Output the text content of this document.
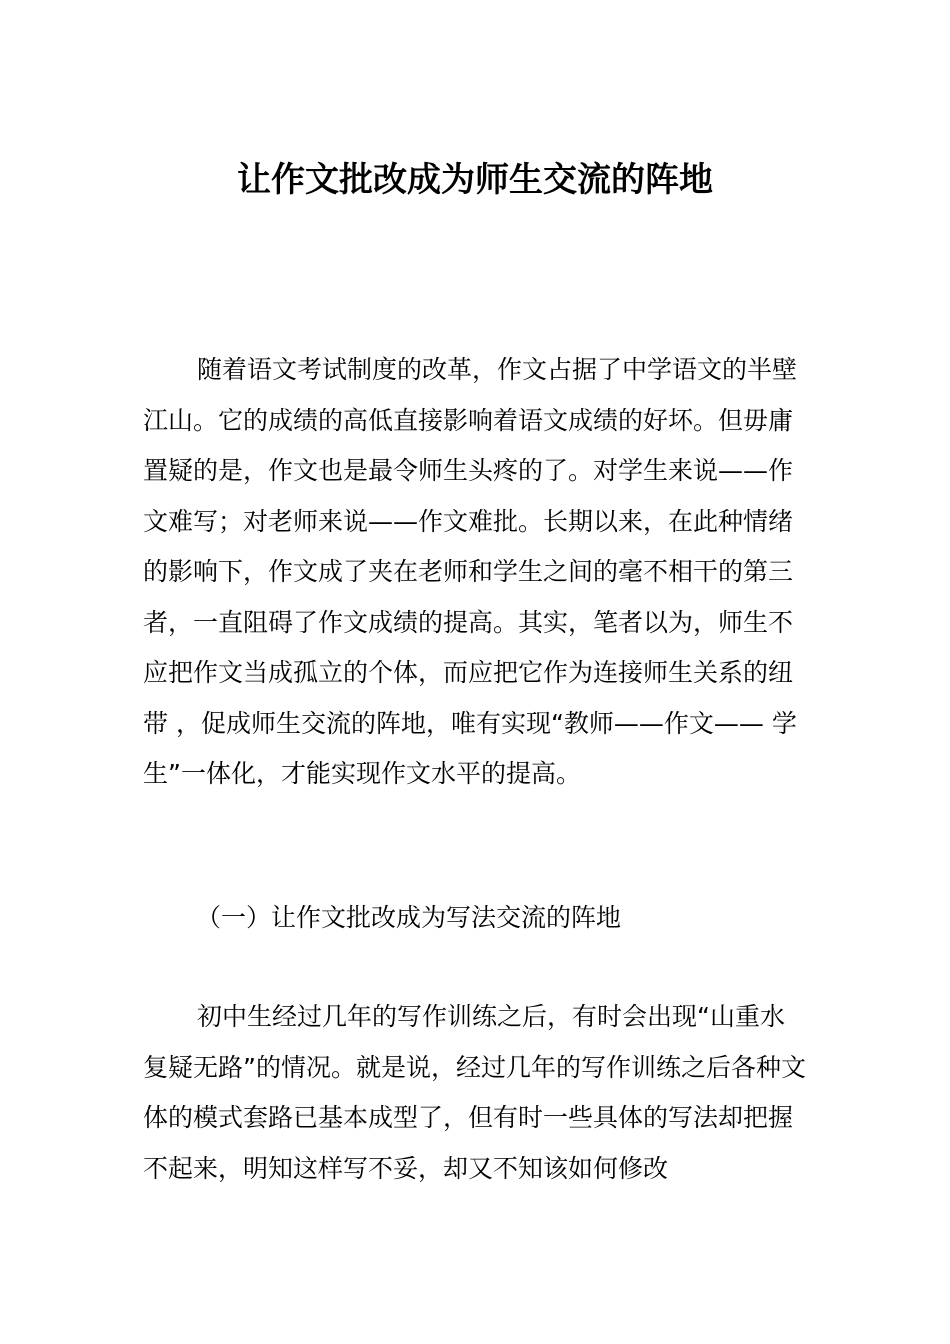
让作文批改成为师生交流的阵地

随着语文考试制度的改革，作文占据了中学语文的半壁江山。它的成绩的高低直接影响着语文成绩的好坏。但毋庸置疑的是，作文也是最令师生头疼的了。对学生来说——作文难写；对老师来说——作文难批。长期以来，在此种情绪的影响下，作文成了夹在老师和学生之间的毫不相干的第三者，一直阻碍了作文成绩的提高。其实，笔者以为，师生不应把作文当成孤立的个体，而应把它作为连接师生关系的纽带 ，促成师生交流的阵地，唯有实现“教师——作文—— 学生”一体化，才能实现作文水平的提高。

（一）让作文批改成为写法交流的阵地

初中生经过几年的写作训练之后，有时会出现“山重水复疑无路”的情况。就是说，经过几年的写作训练之后各种文体的模式套路已基本成型了，但有时一些具体的写法却把握不起来，明知这样写不妥，却又不知该如何修改
